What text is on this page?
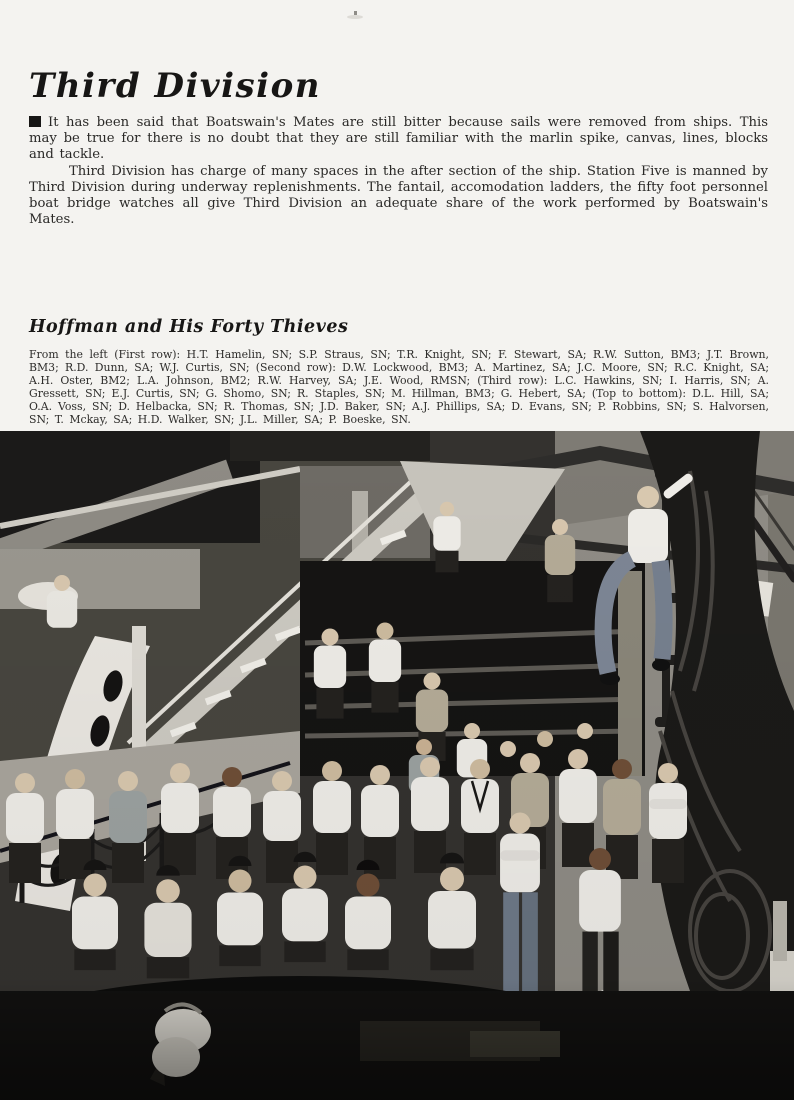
Third Division

It has been said that Boatswain's Mates are still bitter because sails were removed from ships. This may be true for there is no doubt that they are still familiar with the marlin spike, canvas, lines, blocks and tackle.

Third Division has charge of many spaces in the after section of the ship. Station Five is manned by Third Division during underway replenishments. The fantail, accomodation ladders, the fifty foot personnel boat bridge watches all give Third Division an adequate share of the work performed by Boatswain's Mates.

Hoffman and His Forty Thieves

From the left (First row): H.T. Hamelin, SN; S.P. Straus, SN; T.R. Knight, SN; F. Stewart, SA; R.W. Sutton, BM3; J.T. Brown, BM3; R.D. Dunn, SA; W.J. Curtis, SN; (Second row): D.W. Lockwood, BM3; A. Martinez, SA; J.C. Moore, SN; R.C. Knight, SA; A.H. Oster, BM2; L.A. Johnson, BM2; R.W. Harvey, SA; J.E. Wood, RMSN; (Third row): L.C. Hawkins, SN; I. Harris, SN; A. Gressett, SN; E.J. Curtis, SN; G. Shomo, SN; R. Staples, SN; M. Hillman, BM3; G. Hebert, SA; (Top to bottom): D.L. Hill, SA; O.A. Voss, SN; D. Helbacka, SN; R. Thomas, SN; J.D. Baker, SN; A.J. Phillips, SA; D. Evans, SN; P. Robbins, SN; S. Halvorsen, SN; T. Mckay, SA; H.D. Walker, SN; J.L. Miller, SA; P. Boeske, SN.
